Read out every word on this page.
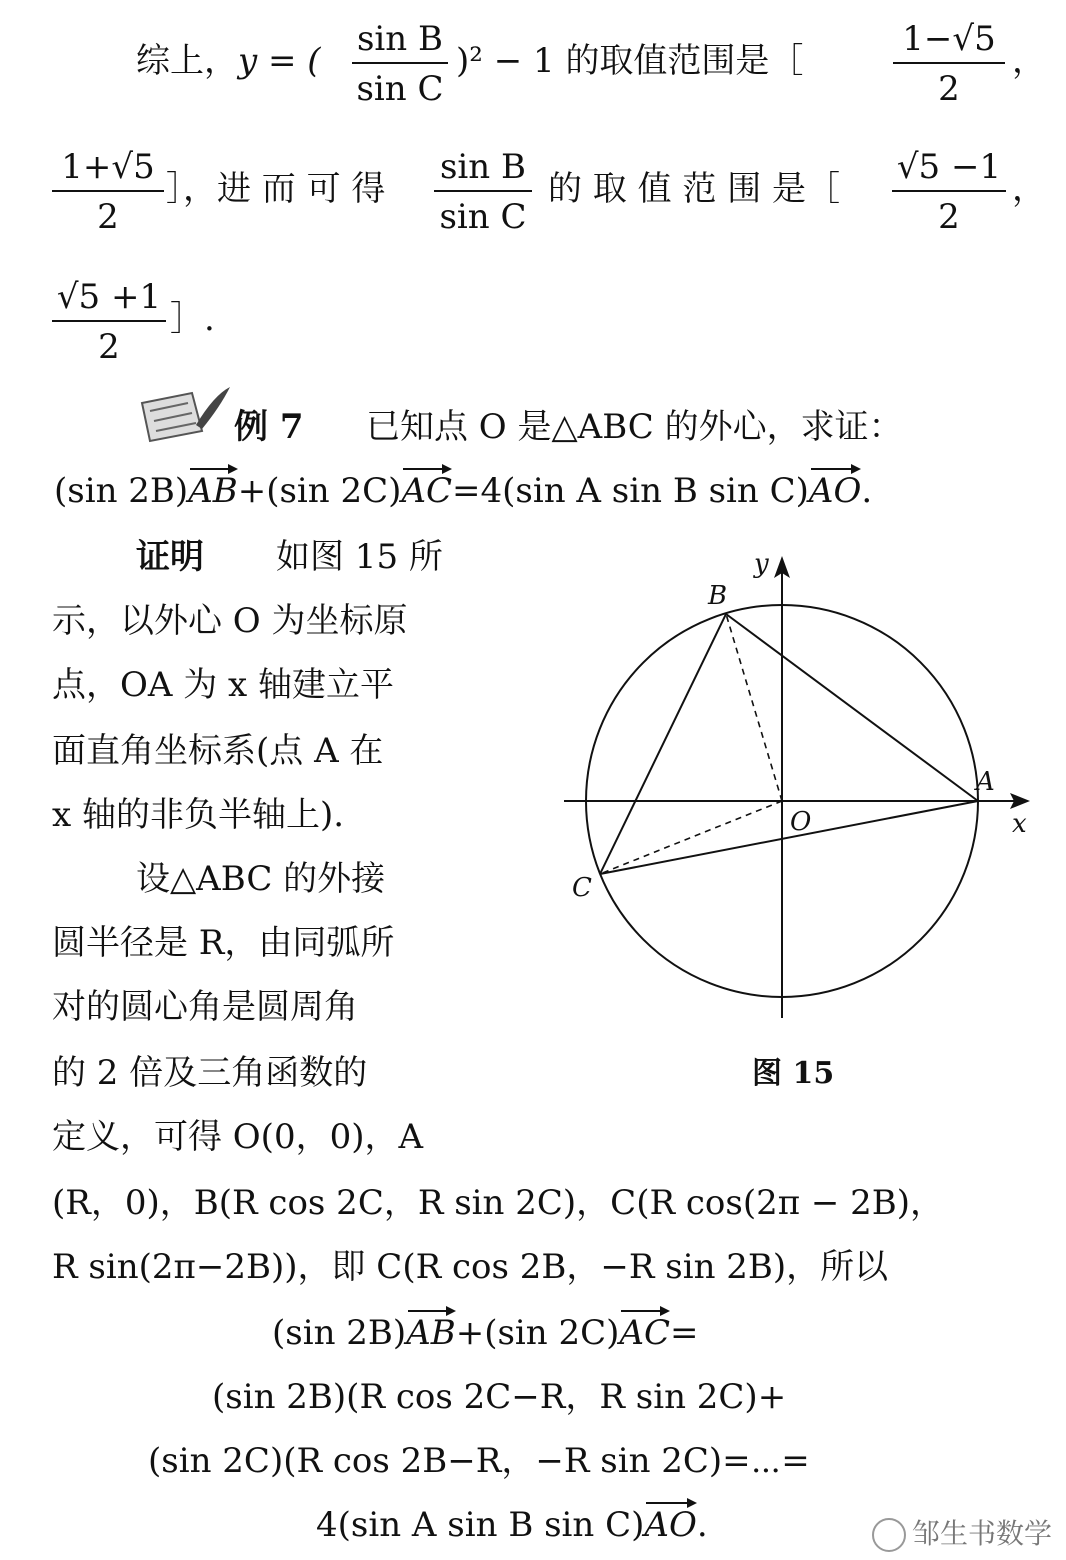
综上，y = (
sin B
sin C
)² − 1 的取值范围是［
1−√5
2
，
1+√5
2
］，进 而 可 得
sin B
sin C
的 取 值 范 围 是［
√5 −1
2
，
√5 +1
2
］.
例 7 已知点 O 是△ABC 的外心，求证：
(sin 2B)AB+(sin 2C)AC=4(sin A sin B sin C)AO.
证明 如图 15 所
示，以外心 O 为坐标原
点，OA 为 x 轴建立平
面直角坐标系(点 A 在
x 轴的非负半轴上).
设△ABC 的外接
圆半径是 R，由同弧所
对的圆心角是圆周角
的 2 倍及三角函数的
定义，可得 O(0，0)，A
(R，0)，B(R cos 2C，R sin 2C)，C(R cos(2π − 2B)，
R sin(2π−2B))，即 C(R cos 2B，−R sin 2B)，所以
(sin 2B)AB+(sin 2C)AC=
(sin 2B)(R cos 2C−R，R sin 2C)+
(sin 2C)(R cos 2B−R，−R sin 2C)=⋯=
4(sin A sin B sin C)AO.
B
A
C
O	x
y
图 15
邹生书数学
